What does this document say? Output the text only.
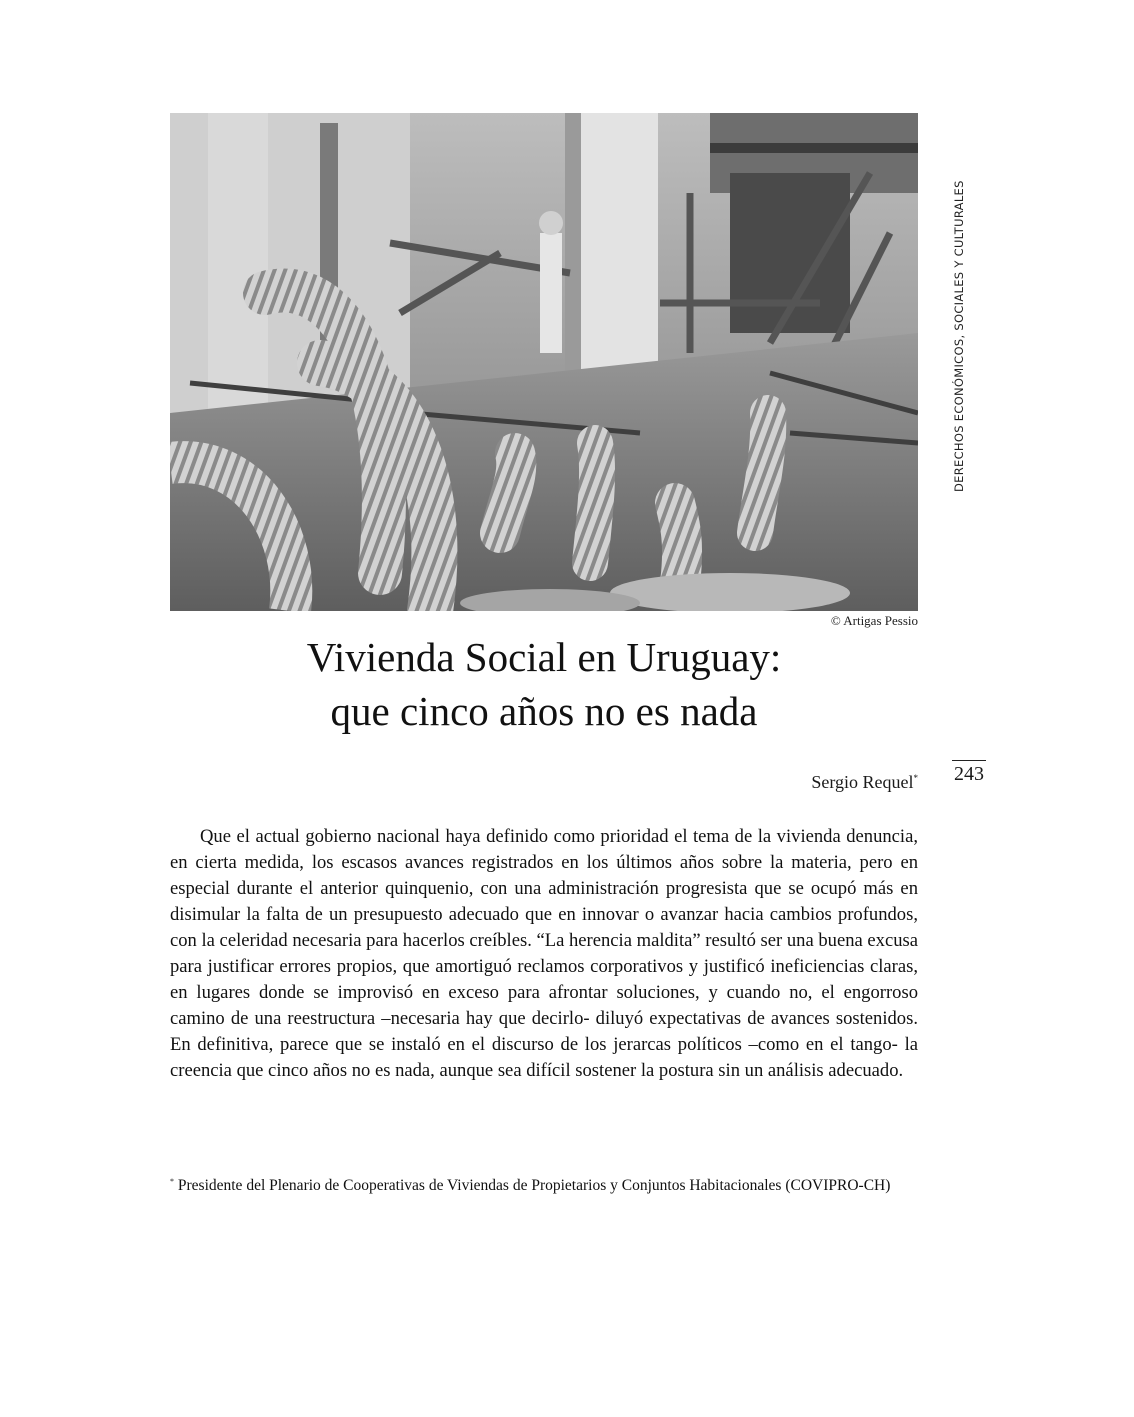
© Artigas Pessio
DERECHOS ECONÓMICOS, SOCIALES Y CULTURALES
243
Vivienda Social en Uruguay:
que cinco años no es nada
Sergio Requel*

Que el actual gobierno nacional haya definido como prioridad el tema de la vivienda denuncia, en cierta medida, los escasos avances registrados en los últimos años sobre la materia, pero en especial durante el anterior quinquenio, con una administración progresista que se ocupó más en disimular la falta de un presupuesto adecuado que en innovar o avanzar hacia cambios profundos, con la celeridad necesaria para hacerlos creíbles. “La herencia maldita” resultó ser una buena excusa para justificar errores propios, que amortiguó reclamos corporativos y justificó ineficiencias claras, en lugares donde se improvisó en exceso para afrontar soluciones, y cuando no, el engorroso camino de una reestructura –necesaria hay que decirlo- diluyó expectativas de avances sostenidos. En definitiva, parece que se instaló en el discurso de los jerarcas políticos –como en el tango- la creencia que cinco años no es nada, aunque sea difícil sostener la postura sin un análisis adecuado.

* Presidente del Plenario de Cooperativas de Viviendas de Propietarios y Conjuntos Habitacionales (COVIPRO-CH)
